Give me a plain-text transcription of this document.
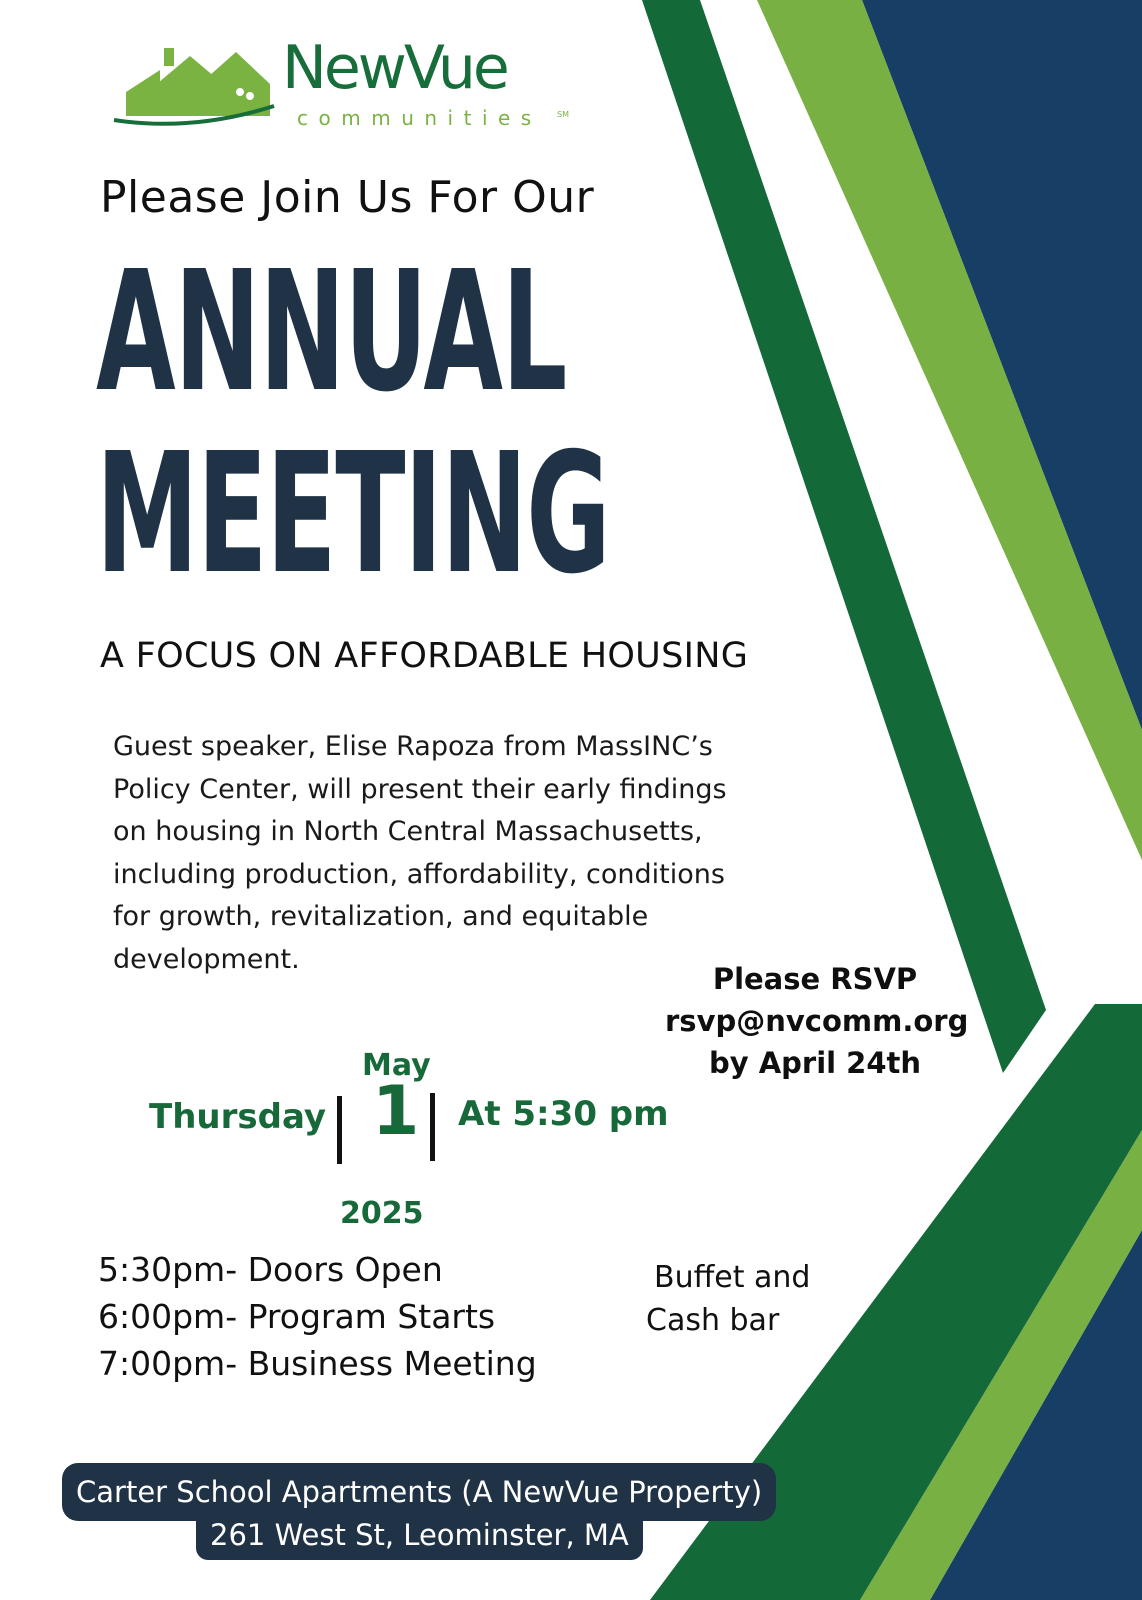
NewVue
communities SM
Please Join Us For Our
ANNUAL
MEETING
A FOCUS ON AFFORDABLE HOUSING
Guest speaker, Elise Rapoza from MassINC’s
Policy Center, will present their early findings
on housing in North Central Massachusetts,
including production, affordability, conditions
for growth, revitalization, and equitable
development.
Please RSVP
rsvp@nvcomm.org
by April 24th
May
Thursday 1 At 5:30 pm
2025
5:30pm- Doors Open
6:00pm- Program Starts
7:00pm- Business Meeting
Buffet and
Cash bar
Carter School Apartments (A NewVue Property)
261 West St, Leominster, MA
